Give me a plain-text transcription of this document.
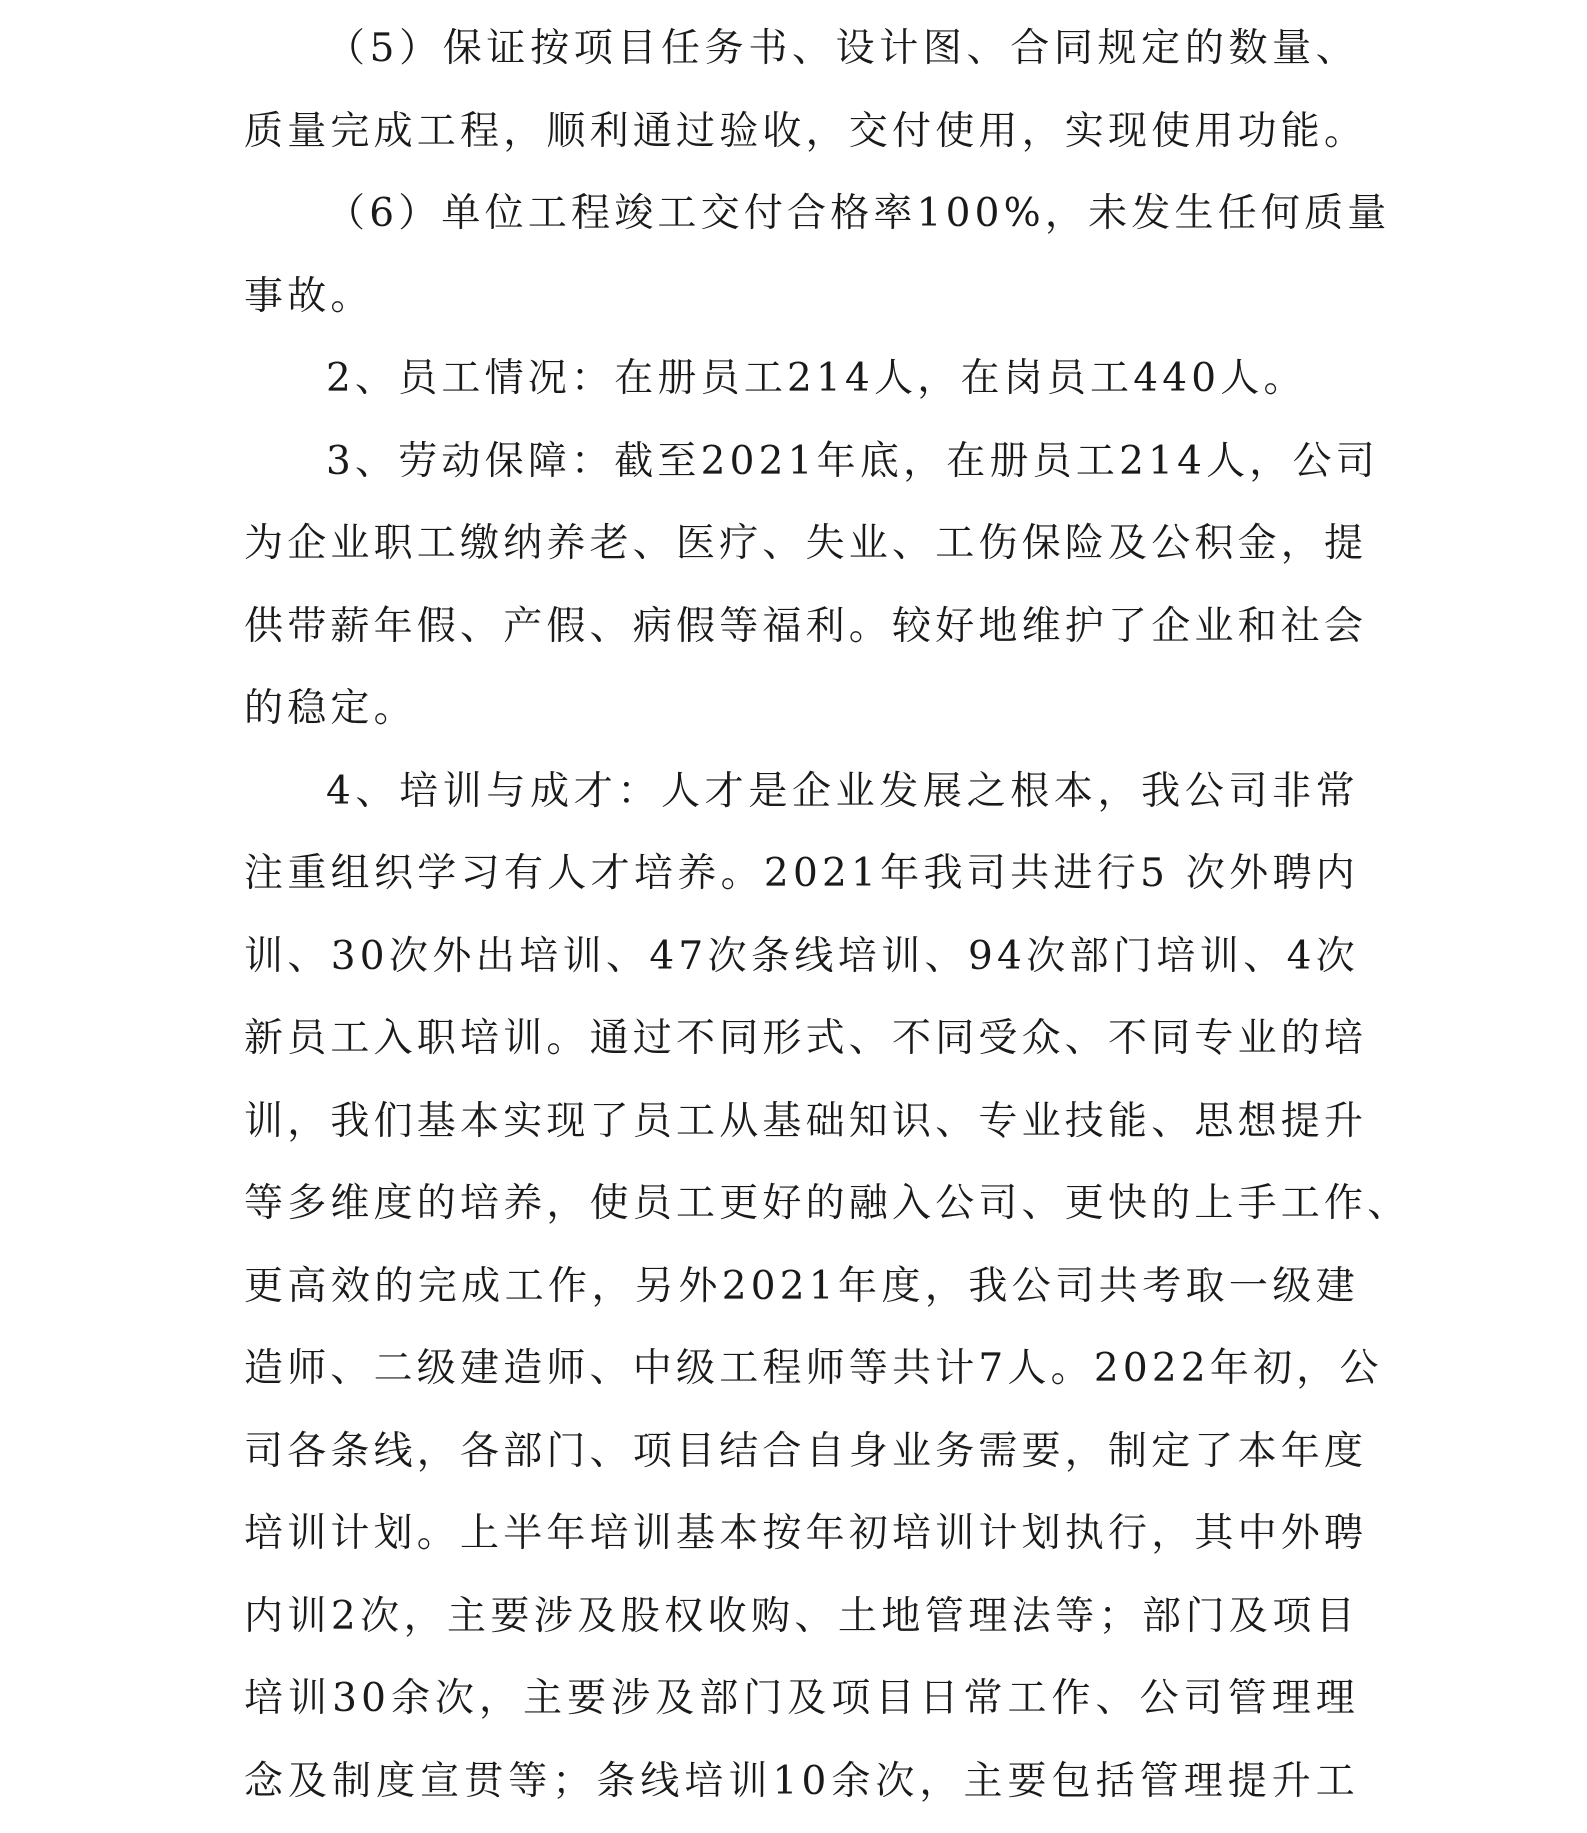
（5）保证按项目任务书、设计图、合同规定的数量、
质量完成工程，顺利通过验收，交付使用，实现使用功能。
（6）单位工程竣工交付合格率100%，未发生任何质量
事故。
2、员工情况：在册员工214人，在岗员工440人。
3、劳动保障：截至2021年底，在册员工214人，公司
为企业职工缴纳养老、医疗、失业、工伤保险及公积金，提
供带薪年假、产假、病假等福利。较好地维护了企业和社会
的稳定。
4、培训与成才：人才是企业发展之根本，我公司非常
注重组织学习有人才培养。2021年我司共进行5 次外聘内
训、30次外出培训、47次条线培训、94次部门培训、4次
新员工入职培训。通过不同形式、不同受众、不同专业的培
训，我们基本实现了员工从基础知识、专业技能、思想提升
等多维度的培养，使员工更好的融入公司、更快的上手工作、
更高效的完成工作，另外2021年度，我公司共考取一级建
造师、二级建造师、中级工程师等共计7人。2022年初，公
司各条线，各部门、项目结合自身业务需要，制定了本年度
培训计划。上半年培训基本按年初培训计划执行，其中外聘
内训2次，主要涉及股权收购、土地管理法等；部门及项目
培训30余次，主要涉及部门及项目日常工作、公司管理理
念及制度宣贯等；条线培训10余次，主要包括管理提升工
